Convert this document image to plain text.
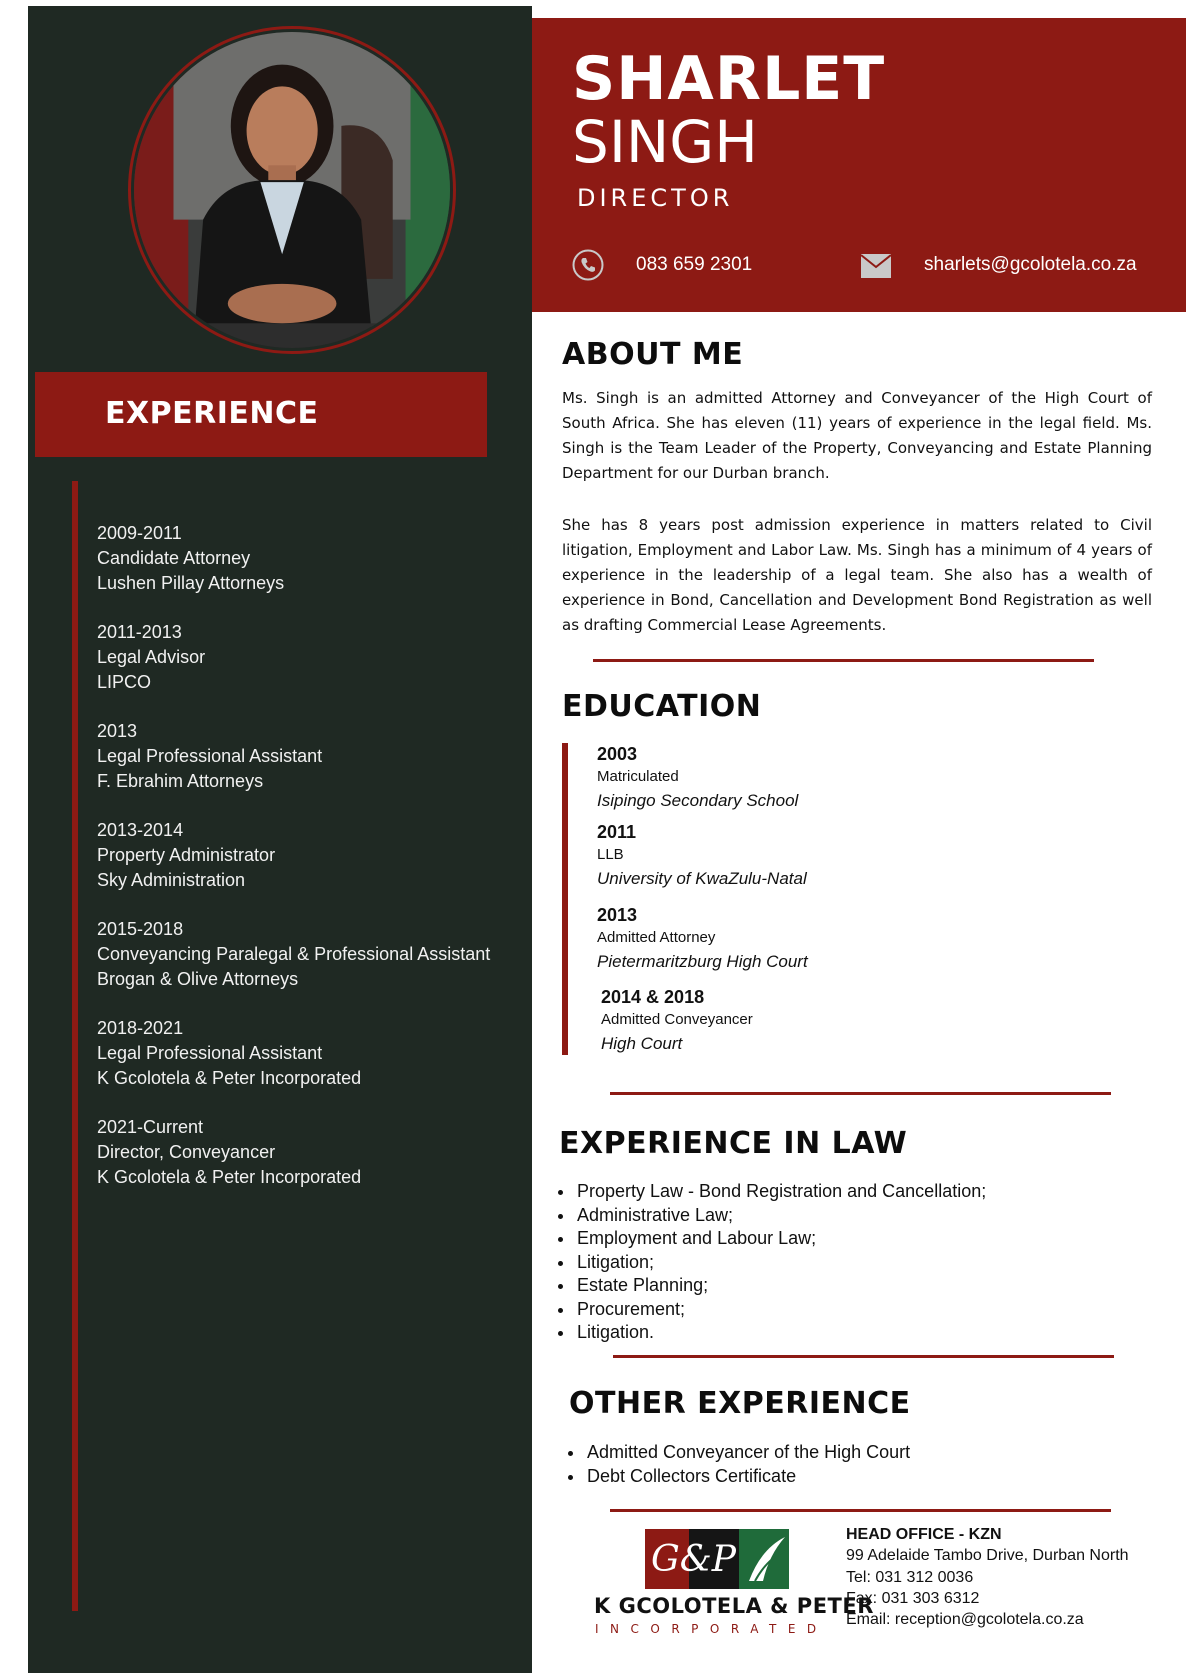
EXPERIENCE
2009-2011
Candidate Attorney
Lushen Pillay Attorneys
2011-2013
Legal Advisor
LIPCO
2013
Legal Professional Assistant
F. Ebrahim Attorneys
2013-2014
Property Administrator
Sky Administration
2015-2018
Conveyancing Paralegal & Professional Assistant
Brogan & Olive Attorneys
2018-2021
Legal Professional Assistant
K Gcolotela & Peter Incorporated
2021-Current
Director, Conveyancer
K Gcolotela & Peter Incorporated
SHARLET
SINGH
DIRECTOR
083 659 2301	sharlets@gcolotela.co.za
ABOUT ME
Ms. Singh is an admitted Attorney and Conveyancer of the High Court of South Africa. She has eleven (11) years of experience in the legal field. Ms. Singh is the Team Leader of the Property, Conveyancing and Estate Planning Department for our Durban branch.
She has 8 years post admission experience in matters related to Civil litigation, Employment and Labor Law. Ms. Singh has a minimum of 4 years of experience in the leadership of a legal team. She also has a wealth of experience in Bond, Cancellation and Development Bond Registration as well as drafting Commercial Lease Agreements.
EDUCATION
2003
Matriculated
Isipingo Secondary School
2011
LLB
University of KwaZulu-Natal
2013
Admitted Attorney
Pietermaritzburg High Court
2014 & 2018
Admitted Conveyancer
High Court
EXPERIENCE IN LAW
Property Law - Bond Registration and Cancellation;
Administrative Law;
Employment and Labour Law;
Litigation;
Estate Planning;
Procurement;
Litigation.
OTHER EXPERIENCE
Admitted Conveyancer of the High Court
Debt Collectors Certificate
G&P
K GCOLOTELA & PETER
INCORPORATED
HEAD OFFICE - KZN
99 Adelaide Tambo Drive, Durban North
Tel: 031 312 0036
Fax: 031 303 6312
Email: reception@gcolotela.co.za
